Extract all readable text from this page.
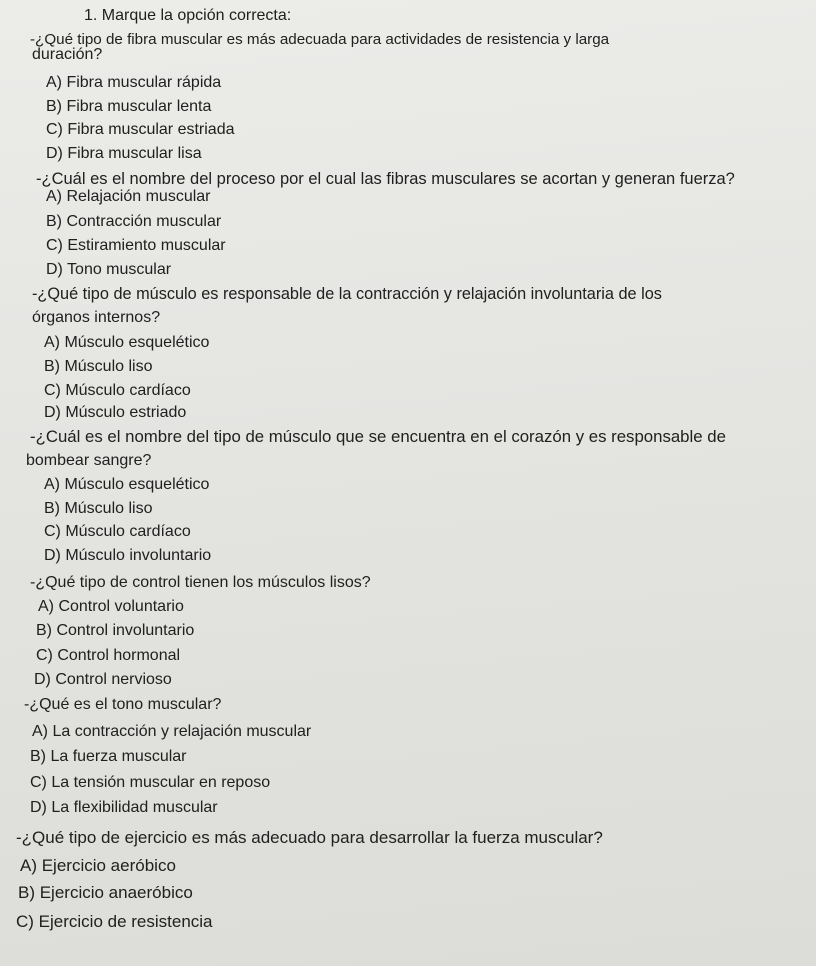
1. Marque la opción correcta:
-¿Qué tipo de fibra muscular es más adecuada para actividades de resistencia y larga
duración?
A) Fibra muscular rápida
B) Fibra muscular lenta
C) Fibra muscular estriada
D) Fibra muscular lisa
-¿Cuál es el nombre del proceso por el cual las fibras musculares se acortan y generan fuerza?
A) Relajación muscular
B) Contracción muscular
C) Estiramiento muscular
D) Tono muscular
-¿Qué tipo de músculo es responsable de la contracción y relajación involuntaria de los
órganos internos?
A) Músculo esquelético
B) Músculo liso
C) Músculo cardíaco
D) Músculo estriado
-¿Cuál es el nombre del tipo de músculo que se encuentra en el corazón y es responsable de
bombear sangre?
A) Músculo esquelético
B) Músculo liso
C) Músculo cardíaco
D) Músculo involuntario
-¿Qué tipo de control tienen los músculos lisos?
A) Control voluntario
B) Control involuntario
C) Control hormonal
D) Control nervioso
-¿Qué es el tono muscular?
A) La contracción y relajación muscular
B) La fuerza muscular
C) La tensión muscular en reposo
D) La flexibilidad muscular
-¿Qué tipo de ejercicio es más adecuado para desarrollar la fuerza muscular?
A) Ejercicio aeróbico
B) Ejercicio anaeróbico
C) Ejercicio de resistencia
